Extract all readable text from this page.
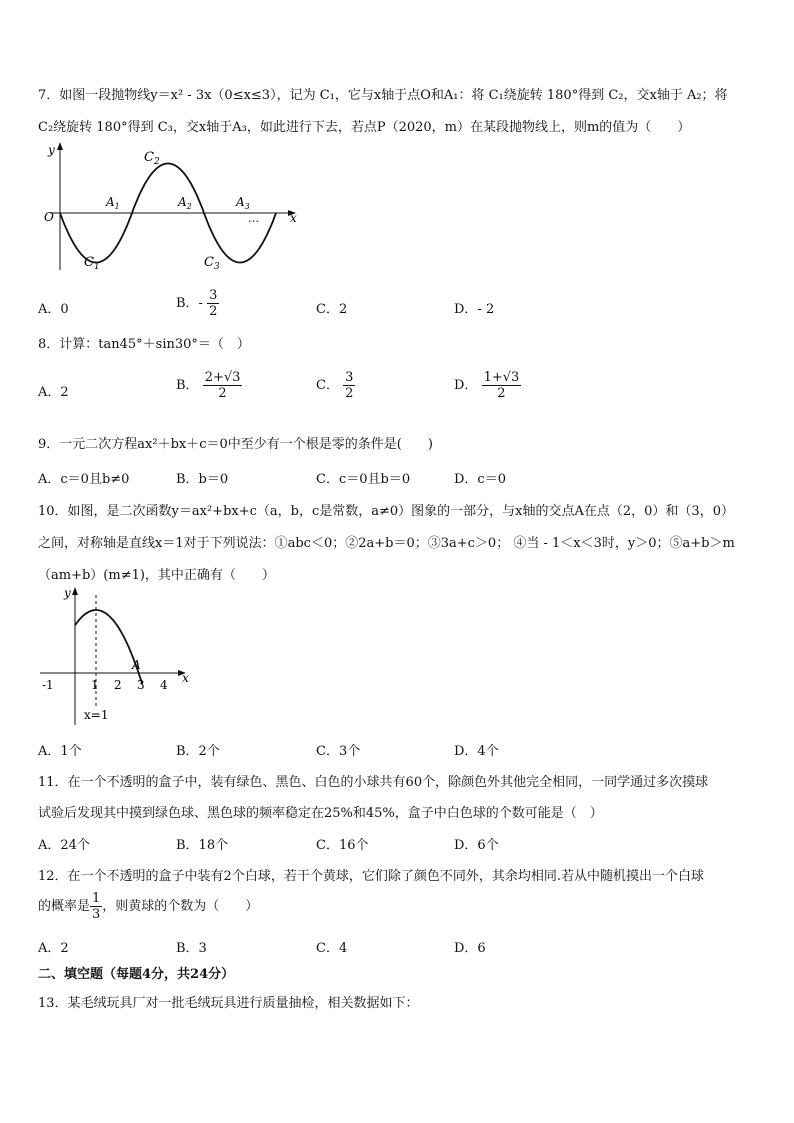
7．如图一段抛物线y＝x² - 3x（0≤x≤3），记为 C₁，它与x轴于点O和A₁：将 C₁绕旋转 180°得到 C₂，交x轴于 A₂；将
C₂绕旋转 180°得到 C₃，交x轴于A₃，如此进行下去，若点P（2020，m）在某段抛物线上，则m的值为（　　）
y
x
O
$C_2$
$C_1$	$C_3$
$A_1$	$A_2$	$A_3$
…
A．0	B．- $\frac{3}{2}$	C．2	D．- 2
8．计算：tan45°＋sin30°＝（　）
A．2	B． $\frac{2+√3}{2}$	C． $\frac{3}{2}$	D． $\frac{1+√3}{2}$
9．一元二次方程ax²＋bx＋c＝0中至少有一个根是零的条件是(　　)
A．c＝0且b≠0	B．b＝0	C．c＝0且b＝0	D．c＝0
10．如图，是二次函数y＝ax²+bx+c（a，b，c是常数，a≠0）图象的一部分，与x轴的交点A在点（2，0）和（3，0）
之间，对称轴是直线x＝1对于下列说法：①abc＜0；②2a+b＝0；③3a+c＞0； ④当 - 1＜x＜3时，y＞0；⑤a+b＞m
（am+b）(m≠1)，其中正确有（　　）
y
x
A
-1	1 2 3 4
x=1
A．1个	B．2个	C．3个	D．4个
11．在一个不透明的盒子中，装有绿色、黑色、白色的小球共有60个，除颜色外其他完全相同，一同学通过多次摸球
试验后发现其中摸到绿色球、黑色球的频率稳定在25%和45%，盒子中白色球的个数可能是（　）
A．24个	B．18个	C．16个	D．6个
12．在一个不透明的盒子中装有2个白球，若干个黄球，它们除了颜色不同外，其余均相同.若从中随机摸出一个白球
的概率是 $\frac{1}{3}$ ，则黄球的个数为（　　）
A．2	B．3	C．4	D．6
二、填空题（每题4分，共24分）
13．某毛绒玩具厂对一批毛绒玩具进行质量抽检，相关数据如下：
